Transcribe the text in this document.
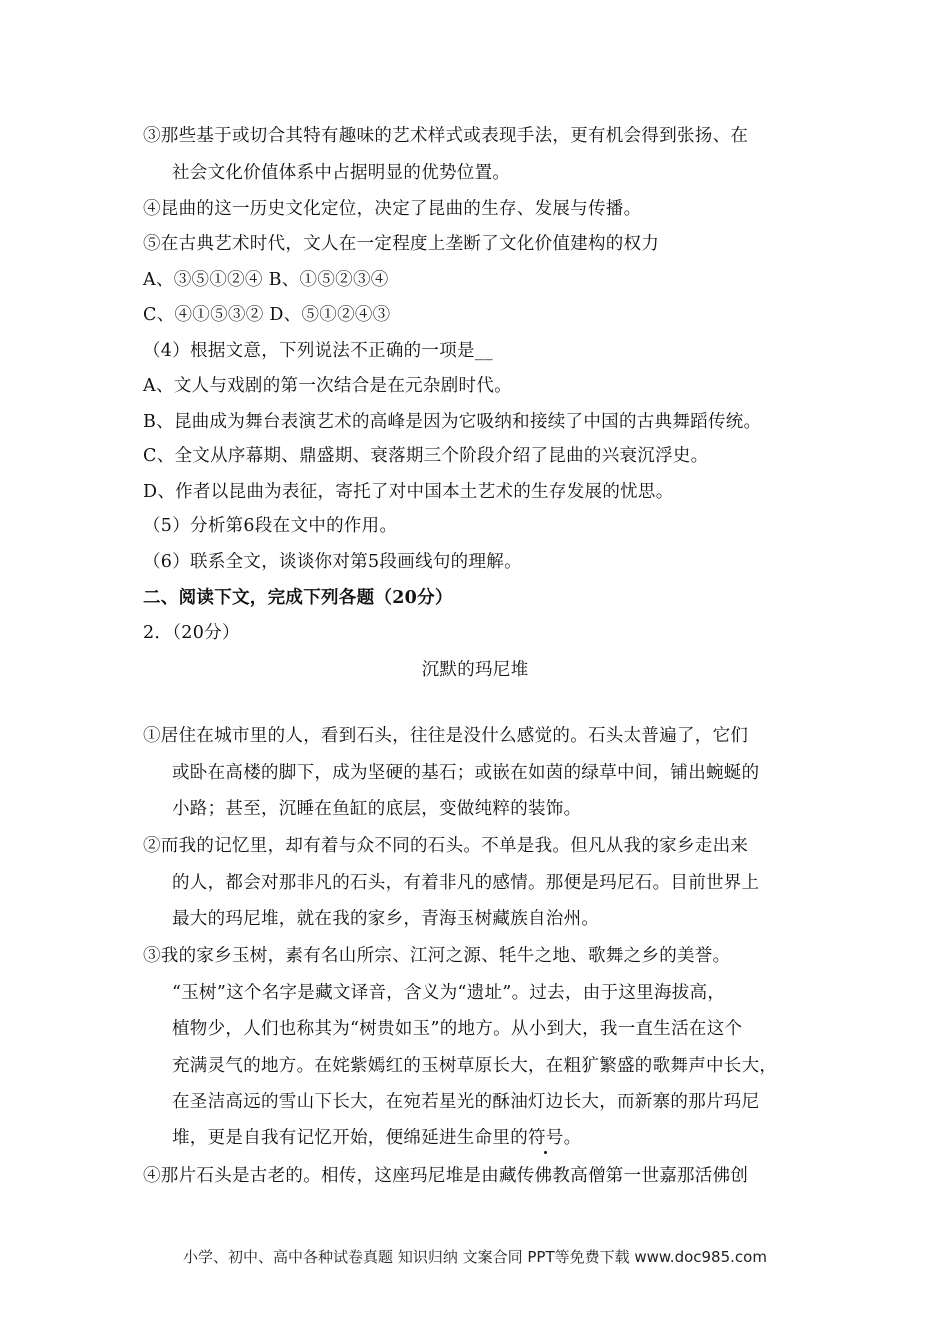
③那些基于或切合其特有趣味的艺术样式或表现手法，更有机会得到张扬、在
社会文化价值体系中占据明显的优势位置。
④昆曲的这一历史文化定位，决定了昆曲的生存、发展与传播。
⑤在古典艺术时代，文人在一定程度上垄断了文化价值建构的权力
A、③⑤①②④ B、①⑤②③④
C、④①⑤③② D、⑤①②④③
（4）根据文意，下列说法不正确的一项是__
A、文人与戏剧的第一次结合是在元杂剧时代。
B、昆曲成为舞台表演艺术的高峰是因为它吸纳和接续了中国的古典舞蹈传统。
C、全文从序幕期、鼎盛期、衰落期三个阶段介绍了昆曲的兴衰沉浮史。
D、作者以昆曲为表征，寄托了对中国本土艺术的生存发展的忧思。
（5）分析第6段在文中的作用。
（6）联系全文，谈谈你对第5段画线句的理解。
二、阅读下文，完成下列各题（20分）
2．（20分）
沉默的玛尼堆
①居住在城市里的人，看到石头，往往是没什么感觉的。石头太普遍了，它们
或卧在高楼的脚下，成为坚硬的基石；或嵌在如茵的绿草中间，铺出蜿蜒的
小路；甚至，沉睡在鱼缸的底层，变做纯粹的装饰。
②而我的记忆里，却有着与众不同的石头。不单是我。但凡从我的家乡走出来
的人，都会对那非凡的石头，有着非凡的感情。那便是玛尼石。目前世界上
最大的玛尼堆，就在我的家乡，青海玉树藏族自治州。
③我的家乡玉树，素有名山所宗、江河之源、牦牛之地、歌舞之乡的美誉。
“玉树”这个名字是藏文译音，含义为“遗址”。过去，由于这里海拔高，
植物少，人们也称其为“树贵如玉”的地方。从小到大，我一直生活在这个
充满灵气的地方。在姹紫嫣红的玉树草原长大，在粗犷繁盛的歌舞声中长大，
在圣洁高远的雪山下长大，在宛若星光的酥油灯边长大，而新寨的那片玛尼
堆，更是自我有记忆开始，便绵延进生命里的符号。
④那片石头是古老的。相传，这座玛尼堆是由藏传佛教高僧第一世嘉那活佛创
小学、初中、高中各种试卷真题 知识归纳 文案合同 PPT等免费下载 www.doc985.com
